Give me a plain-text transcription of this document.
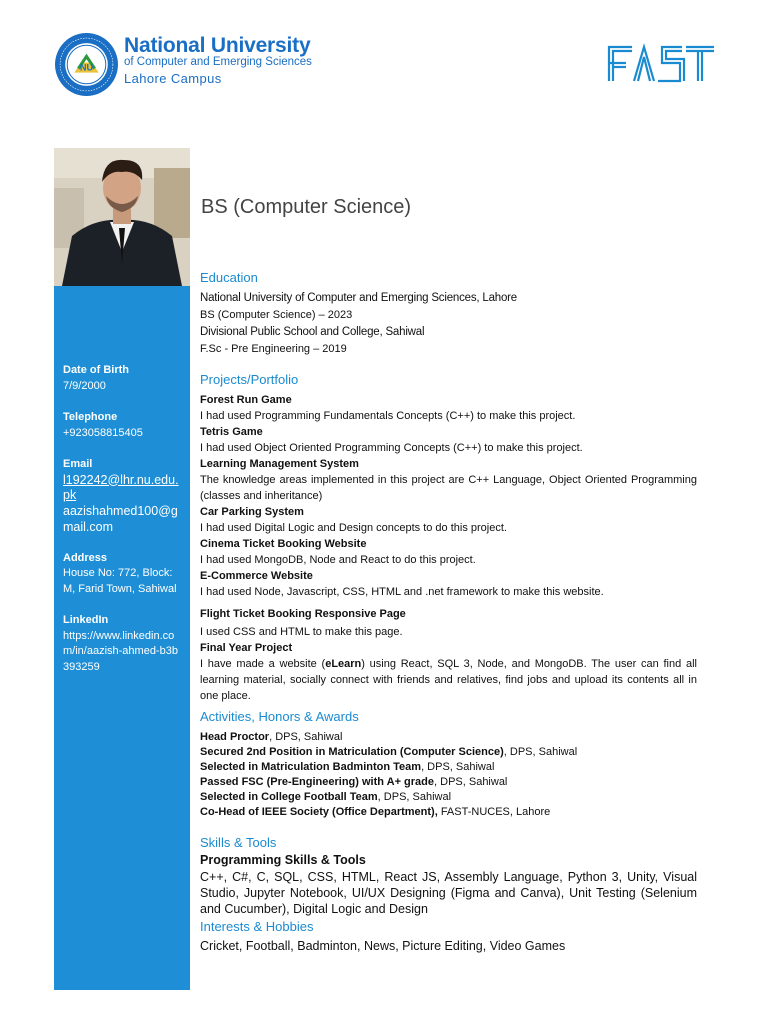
NU
National University
of Computer and Emerging Sciences
Lahore Campus
Date of Birth
7/9/2000
Telephone
+923058815405
Email
l192242@lhr.nu.edu.pk
aazishahmed100@gmail.com
Address
House No: 772, Block: M, Farid Town, Sahiwal
LinkedIn
https://www.linkedin.com/in/aazish-ahmed-b3b393259
BS (Computer Science)
Education
National University of Computer and Emerging Sciences, Lahore
BS (Computer Science) – 2023
Divisional Public School and College, Sahiwal
F.Sc - Pre Engineering – 2019
Projects/Portfolio
Forest Run Game
I had used Programming Fundamentals Concepts (C++) to make this project.
Tetris Game
I had used Object Oriented Programming Concepts (C++) to make this project.
Learning Management System
The knowledge areas implemented in this project are C++ Language, Object Oriented Programming (classes and inheritance)
Car Parking System
I had used Digital Logic and Design concepts to do this project.
Cinema Ticket Booking Website
I had used MongoDB, Node and React to do this project.
E-Commerce Website
I had used Node, Javascript, CSS, HTML and .net framework to make this website.
Flight Ticket Booking Responsive Page
I used CSS and HTML to make this page.
Final Year Project
I have made a website (eLearn) using React, SQL 3, Node, and MongoDB. The user can find all learning material, socially connect with friends and relatives, find jobs and upload its contents all in one place.
Activities, Honors & Awards
Head Proctor, DPS, Sahiwal
Secured 2nd Position in Matriculation (Computer Science), DPS, Sahiwal
Selected in Matriculation Badminton Team, DPS, Sahiwal
Passed FSC (Pre-Engineering) with A+ grade, DPS, Sahiwal
Selected in College Football Team, DPS, Sahiwal
Co-Head of IEEE Society (Office Department), FAST-NUCES, Lahore
Skills & Tools
Programming Skills & Tools
C++, C#, C, SQL, CSS, HTML, React JS, Assembly Language, Python 3, Unity, Visual Studio, Jupyter Notebook, UI/UX Designing (Figma and Canva), Unit Testing (Selenium and Cucumber), Digital Logic and Design
Interests & Hobbies
Cricket, Football, Badminton, News, Picture Editing, Video Games
